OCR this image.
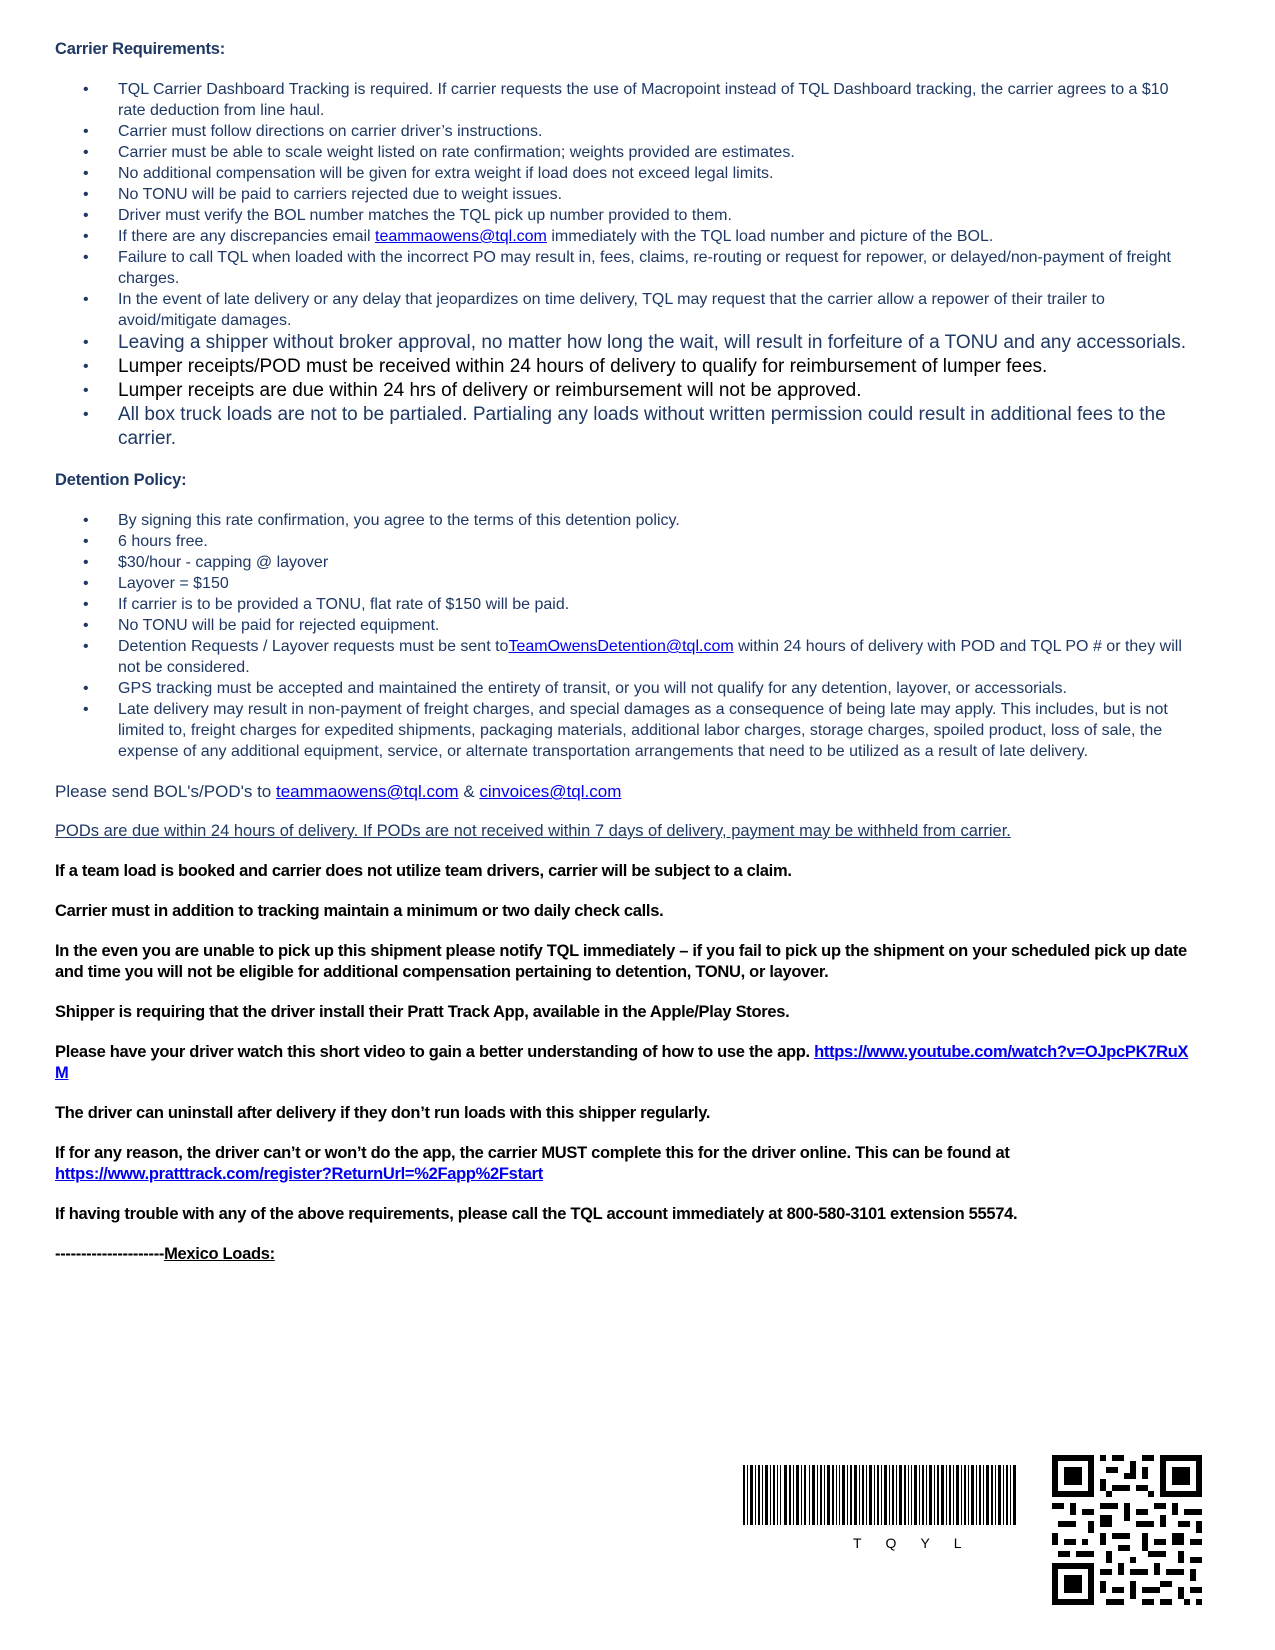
Carrier Requirements:

• TQL Carrier Dashboard Tracking is required. If carrier requests the use of Macropoint instead of TQL Dashboard tracking, the carrier agrees to a $10 rate deduction from line haul.
• Carrier must follow directions on carrier driver’s instructions.
• Carrier must be able to scale weight listed on rate confirmation; weights provided are estimates.
• No additional compensation will be given for extra weight if load does not exceed legal limits.
• No TONU will be paid to carriers rejected due to weight issues.
• Driver must verify the BOL number matches the TQL pick up number provided to them.
• If there are any discrepancies email teammaowens@tql.com immediately with the TQL load number and picture of the BOL.
• Failure to call TQL when loaded with the incorrect PO may result in, fees, claims, re-routing or request for repower, or delayed/non-payment of freight charges.
• In the event of late delivery or any delay that jeopardizes on time delivery, TQL may request that the carrier allow a repower of their trailer to avoid/mitigate damages.
• Leaving a shipper without broker approval, no matter how long the wait, will result in forfeiture of a TONU and any accessorials.
• Lumper receipts/POD must be received within 24 hours of delivery to qualify for reimbursement of lumper fees.
• Lumper receipts are due within 24 hrs of delivery or reimbursement will not be approved.
• All box truck loads are not to be partialed. Partialing any loads without written permission could result in additional fees to the carrier.

Detention Policy:

• By signing this rate confirmation, you agree to the terms of this detention policy.
• 6 hours free.
• $30/hour - capping @ layover
• Layover = $150
• If carrier is to be provided a TONU, flat rate of $150 will be paid.
• No TONU will be paid for rejected equipment.
• Detention Requests / Layover requests must be sent toTeamOwensDetention@tql.com within 24 hours of delivery with POD and TQL PO # or they will not be considered.
• GPS tracking must be accepted and maintained the entirety of transit, or you will not qualify for any detention, layover, or accessorials.
• Late delivery may result in non-payment of freight charges, and special damages as a consequence of being late may apply. This includes, but is not limited to, freight charges for expedited shipments, packaging materials, additional labor charges, storage charges, spoiled product, loss of sale, the expense of any additional equipment, service, or alternate transportation arrangements that need to be utilized as a result of late delivery.

Please send BOL's/POD's to teammaowens@tql.com & cinvoices@tql.com

PODs are due within 24 hours of delivery. If PODs are not received within 7 days of delivery, payment may be withheld from carrier.

If a team load is booked and carrier does not utilize team drivers, carrier will be subject to a claim.

Carrier must in addition to tracking maintain a minimum or two daily check calls.

In the even you are unable to pick up this shipment please notify TQL immediately – if you fail to pick up the shipment on your scheduled pick up date and time you will not be eligible for additional compensation pertaining to detention, TONU, or layover.

Shipper is requiring that the driver install their Pratt Track App, available in the Apple/Play Stores.

Please have your driver watch this short video to gain a better understanding of how to use the app. https://www.youtube.com/watch?v=OJpcPK7RuXM

The driver can uninstall after delivery if they don’t run loads with this shipper regularly.

If for any reason, the driver can’t or won’t do the app, the carrier MUST complete this for the driver online. This can be found at https://www.pratttrack.com/register?ReturnUrl=%2Fapp%2Fstart

If having trouble with any of the above requirements, please call the TQL account immediately at 800-580-3101 extension 55574.

---------------------Mexico Loads:

TQYL
